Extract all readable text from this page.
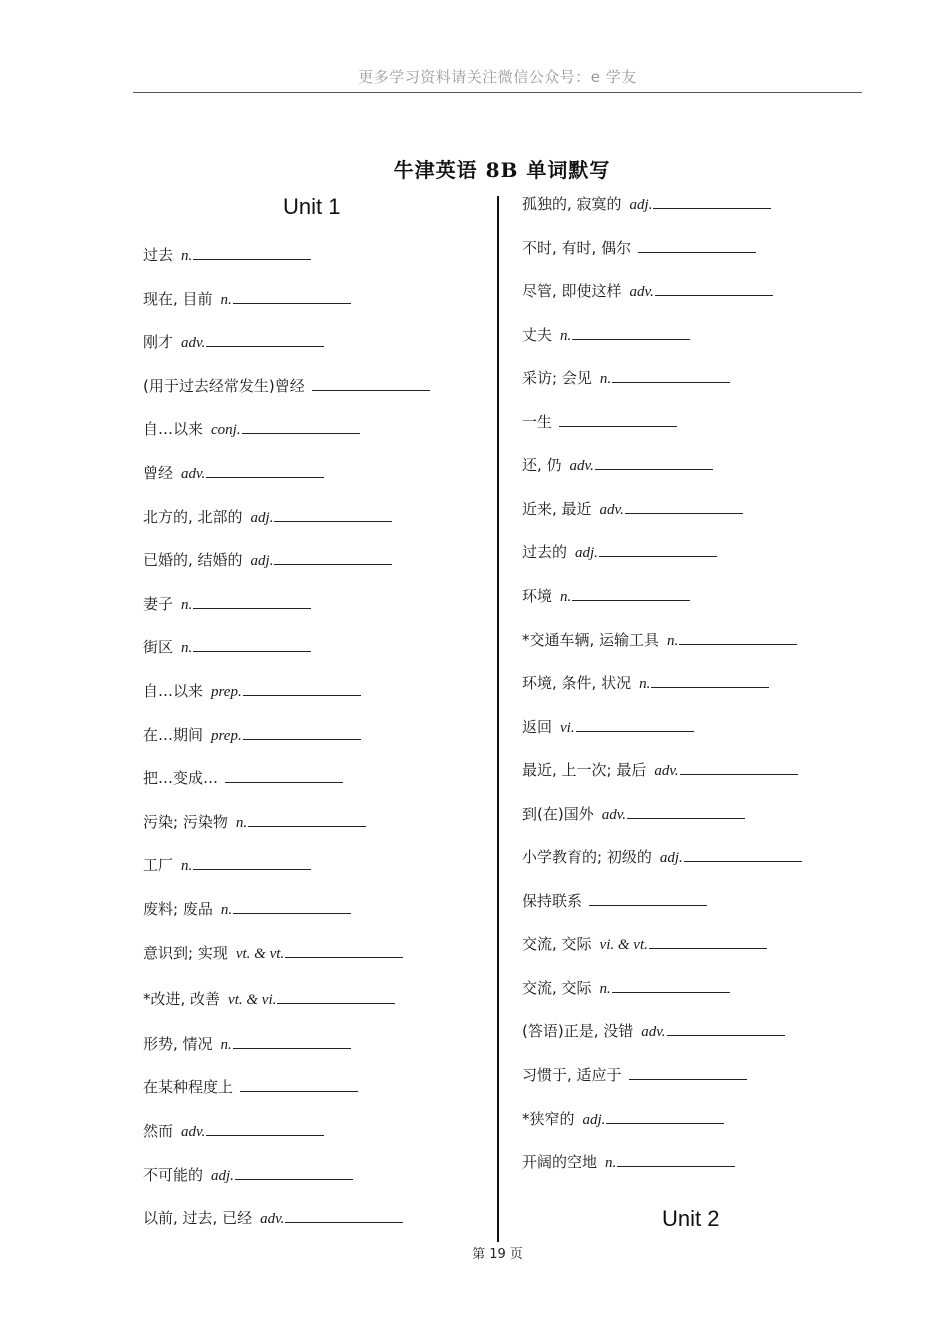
更多学习资料请关注微信公众号：e 学友
牛津英语 8B 单词默写
Unit 1
Unit 2
过去 n.
现在, 目前 n.
刚才 adv.
(用于过去经常发生)曾经
自…以来 conj.
曾经 adv.
北方的, 北部的 adj.
已婚的, 结婚的 adj.
妻子 n.
街区 n.
自…以来 prep.
在…期间 prep.
把…变成…
污染; 污染物 n.
工厂 n.
废料; 废品 n.
意识到; 实现 vt. & vt.
*改进, 改善 vt. & vi.
形势, 情况 n.
在某种程度上
然而 adv.
不可能的 adj.
以前, 过去, 已经 adv.
孤独的, 寂寞的 adj.
不时, 有时, 偶尔
尽管, 即使这样 adv.
丈夫 n.
采访; 会见 n.
一生
还, 仍 adv.
近来, 最近 adv.
过去的 adj.
环境 n.
*交通车辆, 运输工具 n.
环境, 条件, 状况 n.
返回 vi.
最近, 上一次; 最后 adv.
到(在)国外 adv.
小学教育的; 初级的 adj.
保持联系
交流, 交际 vi. & vt.
交流, 交际 n.
(答语)正是, 没错 adv.
习惯于, 适应于
*狭窄的 adj.
开阔的空地 n.
第 19 页
